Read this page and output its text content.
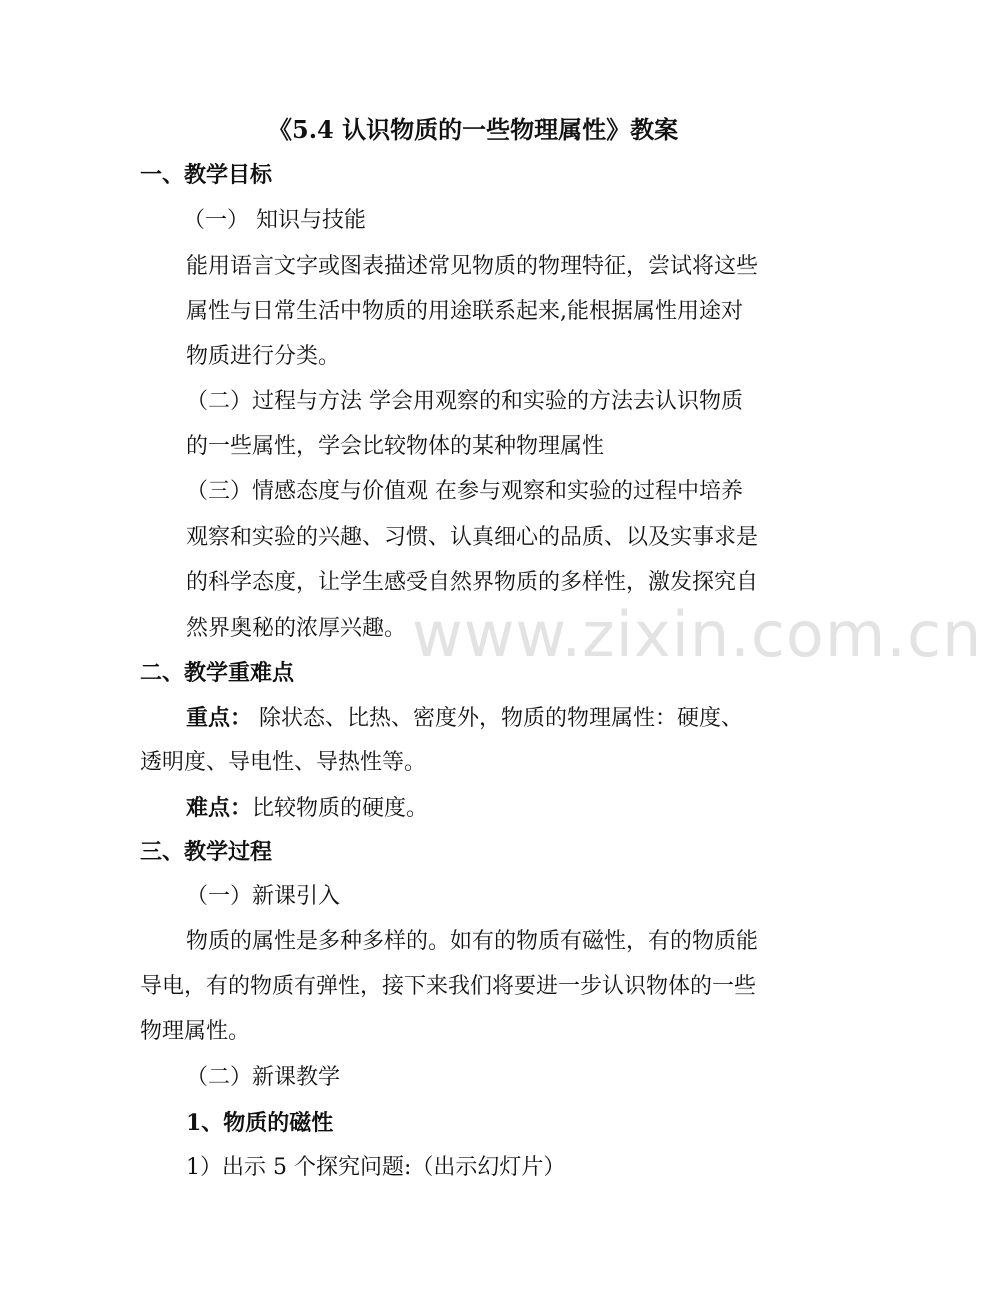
www.zixin.com.cn
《5.4 认识物质的一些物理属性》教案
一、教学目标
（一） 知识与技能
能用语言文字或图表描述常见物质的物理特征，尝试将这些
属性与日常生活中物质的用途联系起来,能根据属性用途对
物质进行分类。
（二）过程与方法 学会用观察的和实验的方法去认识物质
的一些属性，学会比较物体的某种物理属性
（三）情感态度与价值观 在参与观察和实验的过程中培养
观察和实验的兴趣、习惯、认真细心的品质、以及实事求是
的科学态度，让学生感受自然界物质的多样性，激发探究自
然界奥秘的浓厚兴趣。
二、教学重难点
重点： 除状态、比热、密度外，物质的物理属性：硬度、
透明度、导电性、导热性等。
难点：比较物质的硬度。
三、教学过程
（一）新课引入
物质的属性是多种多样的。如有的物质有磁性，有的物质能
导电，有的物质有弹性，接下来我们将要进一步认识物体的一些
物理属性。
（二）新课教学
1、物质的磁性
1）出示 5 个探究问题:（出示幻灯片）
